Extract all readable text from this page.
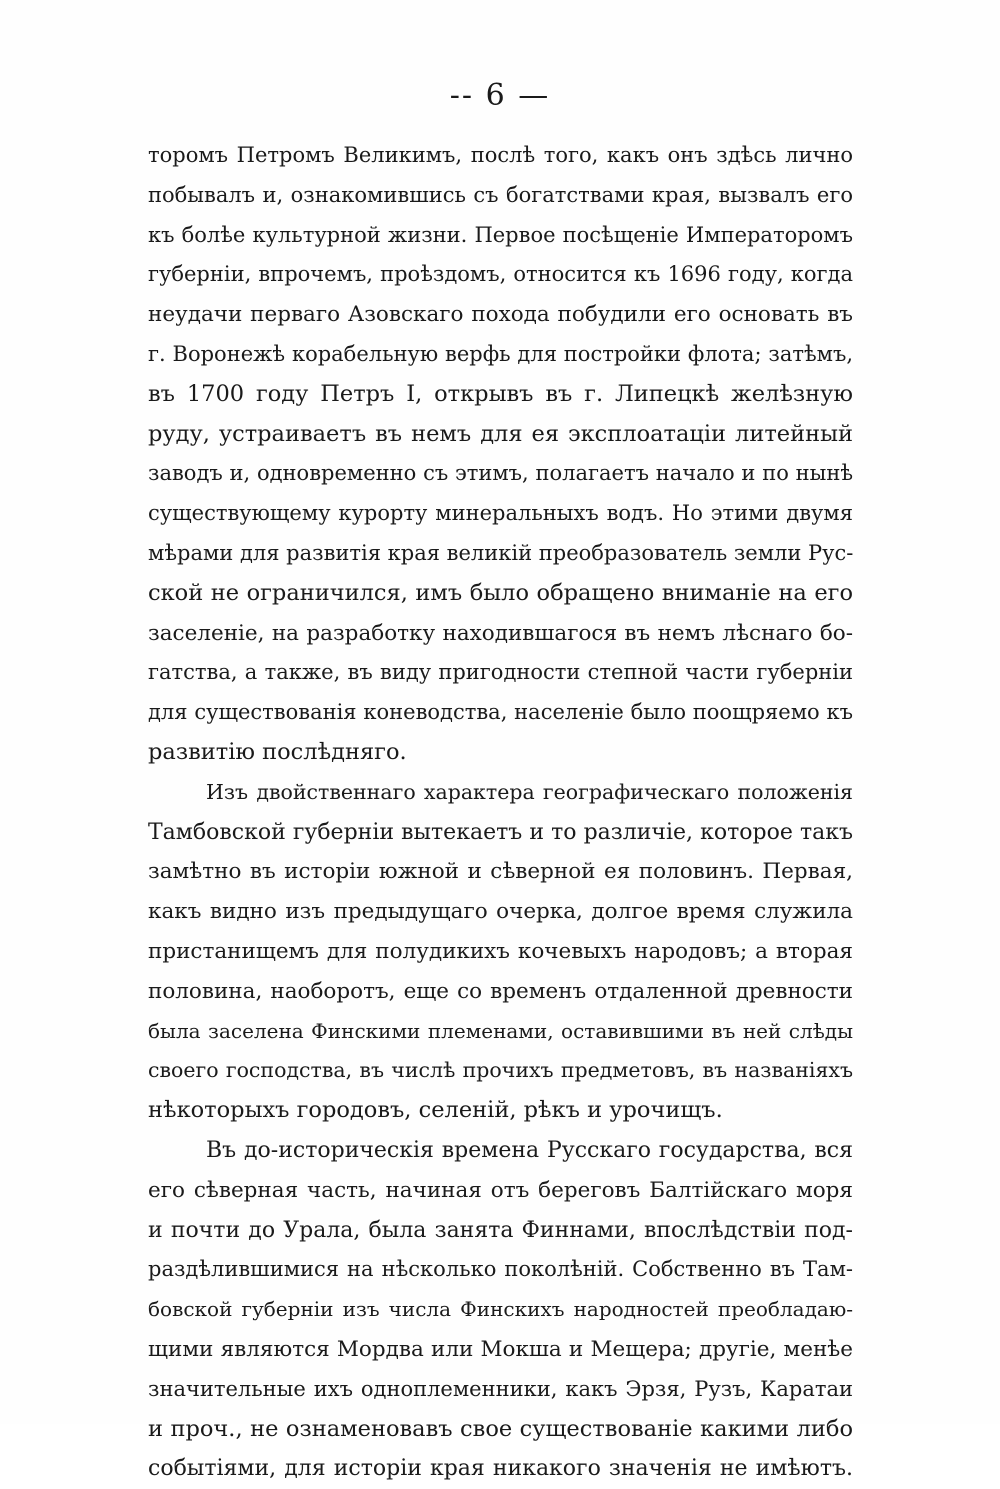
-- 6 —
торомъ Петромъ Великимъ, послѣ того, какъ онъ здѣсь лично
побывалъ и, ознакомившись съ богатствами края, вызвалъ его
къ болѣе культурной жизни. Первое посѣщеніе Императоромъ
губерніи, впрочемъ, проѣздомъ, относится къ 1696 году, когда
неудачи перваго Азовскаго похода побудили его основать въ
г. Воронежѣ корабельную верфь для постройки флота; затѣмъ,
въ 1700 году Петръ I, открывъ въ г. Липецкѣ желѣзную
руду, устраиваетъ въ немъ для ея эксплоатаціи литейный
заводъ и, одновременно съ этимъ, полагаетъ начало и по нынѣ
существующему курорту минеральныхъ водъ. Но этими двумя
мѣрами для развитія края великій преобразователь земли Рус-
ской не ограничился, имъ было обращено вниманіе на его
заселеніе, на разработку находившагося въ немъ лѣснаго бо-
гатства, а также, въ виду пригодности степной части губерніи
для существованія коневодства, населеніе было поощряемо къ
развитію послѣдняго.
Изъ двойственнаго характера географическаго положенія
Тамбовской губерніи вытекаетъ и то различіе, которое такъ
замѣтно въ исторіи южной и сѣверной ея половинъ. Первая,
какъ видно изъ предыдущаго очерка, долгое время служила
пристанищемъ для полудикихъ кочевыхъ народовъ; а вторая
половина, наоборотъ, еще со временъ отдаленной древности
была заселена Финскими племенами, оставившими въ ней слѣды
своего господства, въ числѣ прочихъ предметовъ, въ названіяхъ
нѣкоторыхъ городовъ, селеній, рѣкъ и урочищъ.
Въ до-историческія времена Русскаго государства, вся
его сѣверная часть, начиная отъ береговъ Балтійскаго моря
и почти до Урала, была занята Финнами, впослѣдствіи под-
раздѣлившимися на нѣсколько поколѣній. Собственно въ Там-
бовской губерніи изъ числа Финскихъ народностей преобладаю-
щими являются Мордва или Мокша и Мещера; другіе, менѣе
значительные ихъ одноплеменники, какъ Эрзя, Рузъ, Каратаи
и проч., не ознаменовавъ свое существованіе какими либо
событіями, для исторіи края никакого значенія не имѣютъ.
